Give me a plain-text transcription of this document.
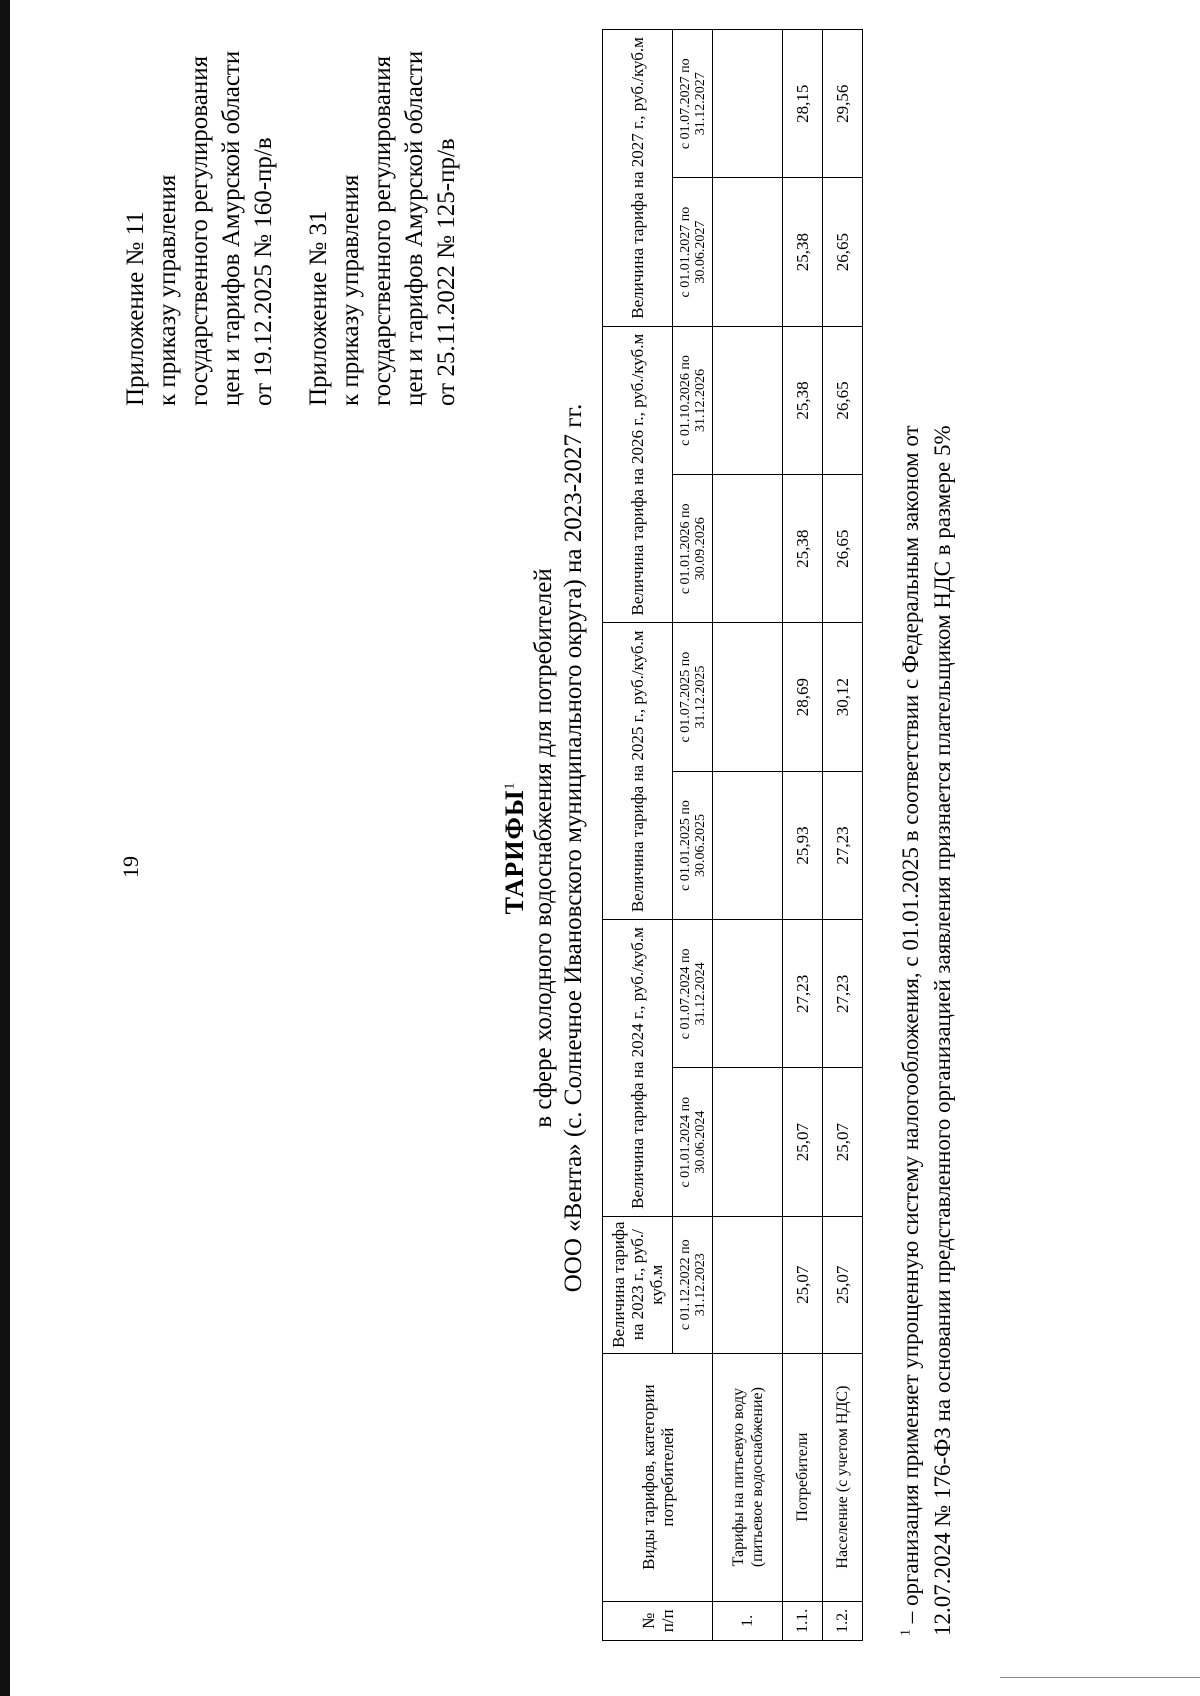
19
Приложение № 11 к приказу управления государственного регулирования цен и тарифов Амурской области от 19.12.2025 № 160-пр/в Приложение № 31 к приказу управления государственного регулирования цен и тарифов Амурской области от 25.11.2022 № 125-пр/в
ТАРИФЫ$^1$ в сфере холодного водоснабжения для потребителей ООО «Вента» (с. Солнечное Ивановского муниципального округа) на 2023-2027 гг.
№ п/п	Виды тарифов, категории потребителей	Величина тарифа на 2023 г., руб./куб.м	Величина тарифа на 2024 г., руб./куб.м		Величина тарифа на 2025 г., руб./куб.м		Величина тарифа на 2026 г., руб./куб.м		Величина тарифа на 2027 г., руб./куб.м	
		с 01.12.2022 по 31.12.2023	с 01.01.2024 по 30.06.2024	с 01.07.2024 по 31.12.2024	с 01.01.2025 по 30.06.2025	с 01.07.2025 по 31.12.2025	с 01.01.2026 по 30.09.2026	с 01.10.2026 по 31.12.2026	с 01.01.2027 по 30.06.2027	с 01.07.2027 по 31.12.2027
1.	Тарифы на питьевую воду (питьевое водоснабжение)									
1.1.	Потребители	25,07	25,07	27,23	25,93	28,69	25,38	25,38	25,38	28,15
1.2.	Население (с учетом НДС)	25,07	25,07	27,23	27,23	30,12	26,65	26,65	26,65	29,56
$^1$ – организация применяет упрощенную систему налогообложения, с 01.01.2025 в соответствии с Федеральным законом от 12.07.2024 № 176-ФЗ на основании представленного организацией заявления признается плательщиком НДС в размере 5%
